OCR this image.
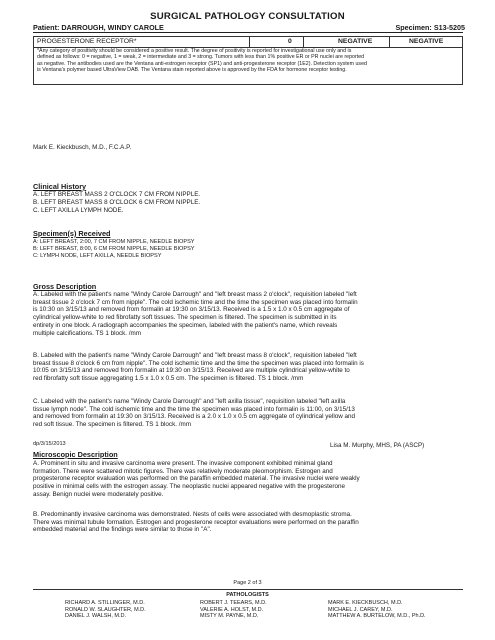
SURGICAL PATHOLOGY CONSULTATION
Patient: DARROUGH, WINDY CAROLE	Specimen: S13-5205
PROGESTERONE RECEPTOR*	0	NEGATIVE	NEGATIVE
*Any category of positivity should be considered a positive result. The degree of positivity is reported for investigational use only and is
defined as follows: 0 = negative, 1 = weak, 2 = intermediate and 3 = strong. Tumors with less than 1% positive ER or PR nuclei are reported
as negative. The antibodies used are the Ventana anti-estrogen receptor (SP1) and anti-progesterone receptor (1E2). Detection system used
is Ventana's polymer based UltraView DAB. The Ventana stain reported above is approved by the FDA for hormone receptor testing.
Mark E. Kieckbusch, M.D., F.C.A.P.
Clinical History
A. LEFT BREAST MASS 2 O'CLOCK 7 CM FROM NIPPLE.
B. LEFT BREAST MASS 8 O'CLOCK 6 CM FROM NIPPLE.
C. LEFT AXILLA LYMPH NODE.
Specimen(s) Received
A: LEFT BREAST, 2:00, 7 CM FROM NIPPLE, NEEDLE BIOPSY
B: LEFT BREAST, 8:00, 6 CM FROM NIPPLE, NEEDLE BIOPSY
C: LYMPH NODE, LEFT AXILLA, NEEDLE BIOPSY
Gross Description
A. Labeled with the patient's name "Windy Carole Darrough" and "left breast mass 2 o'clock", requisition labeled "left
breast tissue 2 o'clock 7 cm from nipple". The cold ischemic time and the time the specimen was placed into formalin
is 10:30 on 3/15/13 and removed from formalin at 19:30 on 3/15/13. Received is a 1.5 x 1.0 x 0.5 cm aggregate of
cylindrical yellow-white to red fibrofatty soft tissues. The specimen is filtered. The specimen is submitted in its
entirety in one block. A radiograph accompanies the specimen, labeled with the patient's name, which reveals
multiple calcifications. TS 1 block. /mm
B. Labeled with the patient's name "Windy Carole Darrough" and "left breast mass 8 o'clock", requisition labeled "left
breast tissue 8 o'clock 6 cm from nipple". The cold ischemic time and the time the specimen was placed into formalin is
10:05 on 3/15/13 and removed from formalin at 19:30 on 3/15/13. Received are multiple cylindrical yellow-white to
red fibrofatty soft tissue aggregating 1.5 x 1.0 x 0.5 cm. The specimen is filtered. TS 1 block. /mm
C. Labeled with the patient's name "Windy Carole Darrough" and "left axilla tissue", requisition labeled "left axilla
tissue lymph node". The cold ischemic time and the time the specimen was placed into formalin is 11:00, on 3/15/13
and removed from formalin at 19:30 on 3/15/13. Received is a 2.0 x 1.0 x 0.5 cm aggregate of cylindrical yellow and
red soft tissue. The specimen is filtered. TS 1 block. /mm
dp/3/15/2013	Lisa M. Murphy, MHS, PA (ASCP)
Microscopic Description
A. Prominent in situ and invasive carcinoma were present. The invasive component exhibited minimal gland
formation. There were scattered mitotic figures. There was relatively moderate pleomorphism. Estrogen and
progesterone receptor evaluation was performed on the paraffin embedded material. The invasive nuclei were weakly
positive in minimal cells with the estrogen assay. The neoplastic nuclei appeared negative with the progesterone
assay. Benign nuclei were moderately positive.
B. Predominantly invasive carcinoma was demonstrated. Nests of cells were associated with desmoplastic stroma.
There was minimal tubule formation. Estrogen and progesterone receptor evaluations were performed on the paraffin
embedded material and the findings were similar to those in "A".
Page 2 of 3
PATHOLOGISTS
RICHARD A. STILLINGER, M.D.
RONALD W. SLAUGHTER, M.D.
DANIEL J. WALSH, M.D.
ROBERT J. TEEARS, M.D.
VALERIE A. HOLST, M.D.
MISTY M. PAYNE, M.D.
MARK E. KIECKBUSCH, M.D.
MICHAEL J. CAREY, M.D.
MATTHEW A. BURTELOW, M.D., Ph.D.
